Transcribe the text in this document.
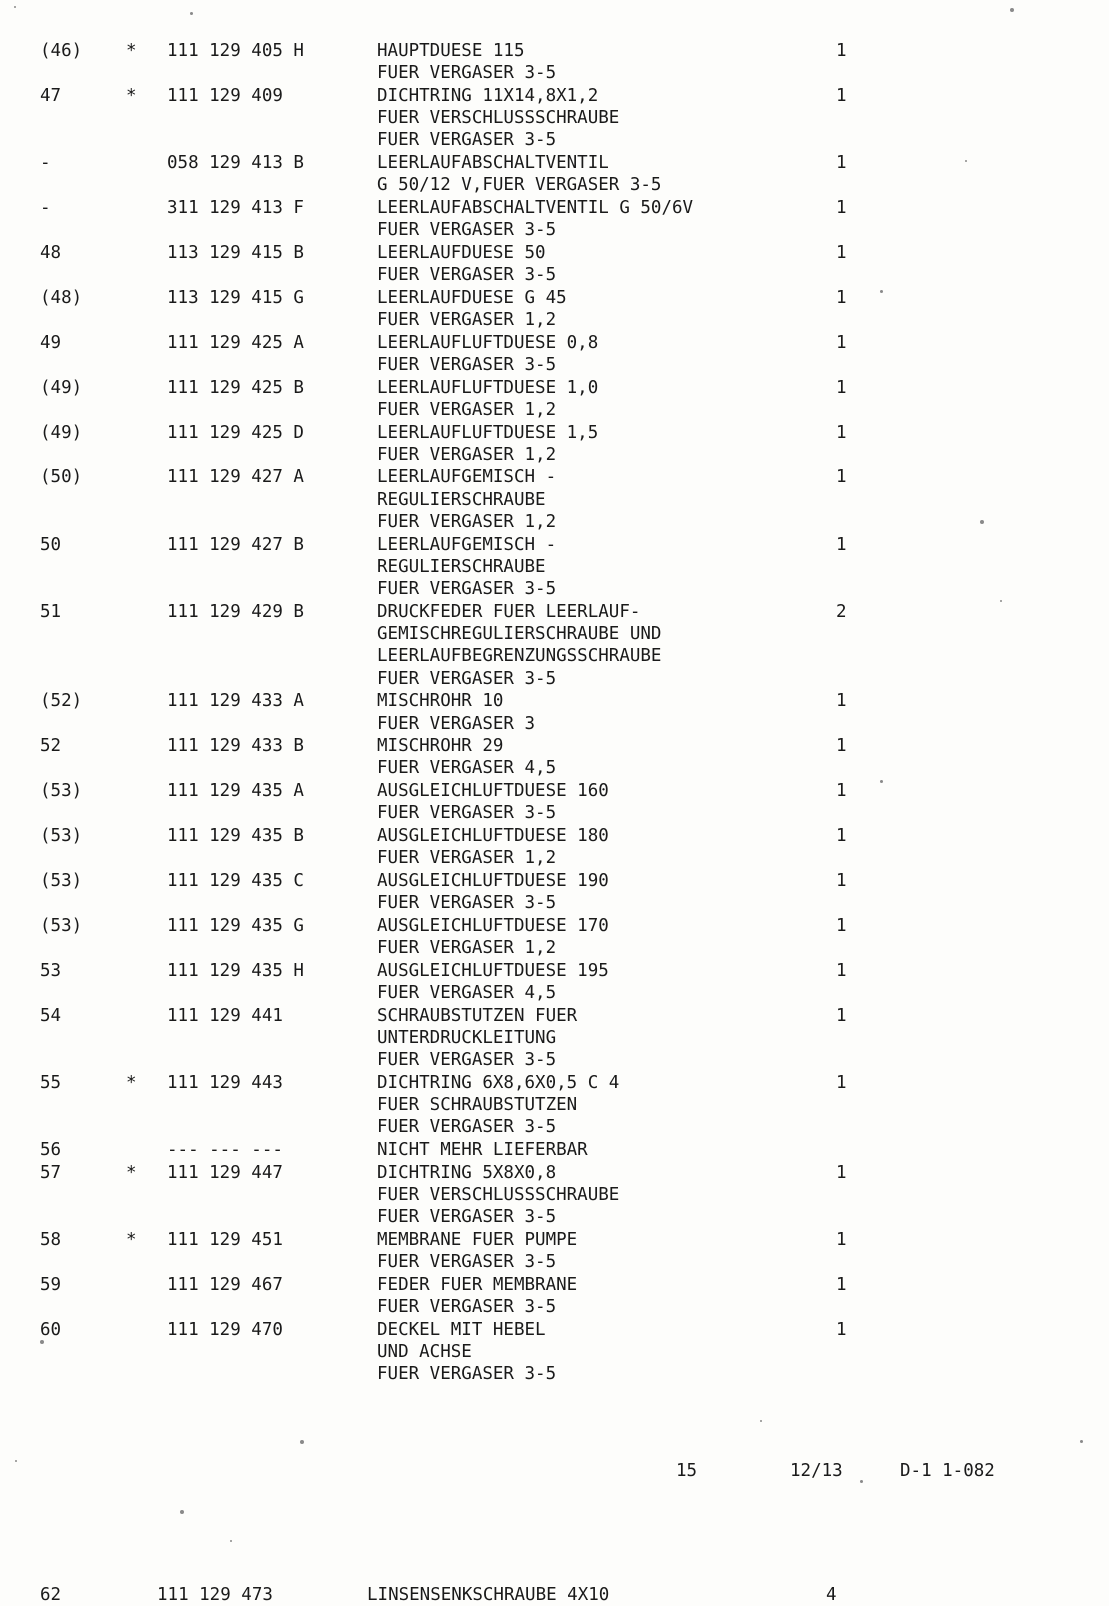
(46)	* 111 129 405 H	HAUPTDUESE 115	1
FUER VERGASER 3-5
47	* 111 129 409	DICHTRING 11X14,8X1,2	1
FUER VERSCHLUSSSCHRAUBE
FUER VERGASER 3-5
-	058 129 413 B	LEERLAUFABSCHALTVENTIL	1
G 50/12 V,FUER VERGASER 3-5
-	311 129 413 F	LEERLAUFABSCHALTVENTIL G 50/6V	1
FUER VERGASER 3-5
48	113 129 415 B	LEERLAUFDUESE 50	1
FUER VERGASER 3-5
(48)	113 129 415 G	LEERLAUFDUESE G 45	1
FUER VERGASER 1,2
49	111 129 425 A	LEERLAUFLUFTDUESE 0,8	1
FUER VERGASER 3-5
(49)	111 129 425 B	LEERLAUFLUFTDUESE 1,0	1
FUER VERGASER 1,2
(49)	111 129 425 D	LEERLAUFLUFTDUESE 1,5	1
FUER VERGASER 1,2
(50)	111 129 427 A	LEERLAUFGEMISCH -	1
REGULIERSCHRAUBE
FUER VERGASER 1,2
50	111 129 427 B	LEERLAUFGEMISCH -	1
REGULIERSCHRAUBE
FUER VERGASER 3-5
51	111 129 429 B	DRUCKFEDER FUER LEERLAUF-	2
GEMISCHREGULIERSCHRAUBE UND
LEERLAUFBEGRENZUNGSSCHRAUBE
FUER VERGASER 3-5
(52)	111 129 433 A	MISCHROHR 10	1
FUER VERGASER 3
52	111 129 433 B	MISCHROHR 29	1
FUER VERGASER 4,5
(53)	111 129 435 A	AUSGLEICHLUFTDUESE 160	1
FUER VERGASER 3-5
(53)	111 129 435 B	AUSGLEICHLUFTDUESE 180	1
FUER VERGASER 1,2
(53)	111 129 435 C	AUSGLEICHLUFTDUESE 190	1
FUER VERGASER 3-5
(53)	111 129 435 G	AUSGLEICHLUFTDUESE 170	1
FUER VERGASER 1,2
53	111 129 435 H	AUSGLEICHLUFTDUESE 195	1
FUER VERGASER 4,5
54	111 129 441	SCHRAUBSTUTZEN FUER	1
UNTERDRUCKLEITUNG
FUER VERGASER 3-5
55	* 111 129 443	DICHTRING 6X8,6X0,5 C 4	1
FUER SCHRAUBSTUTZEN
FUER VERGASER 3-5
56	--- --- ---	NICHT MEHR LIEFERBAR
57	* 111 129 447	DICHTRING 5X8X0,8	1
FUER VERSCHLUSSSCHRAUBE
FUER VERGASER 3-5
58	* 111 129 451	MEMBRANE FUER PUMPE	1
FUER VERGASER 3-5
59	111 129 467	FEDER FUER MEMBRANE	1
FUER VERGASER 3-5
60	111 129 470	DECKEL MIT HEBEL	1
UND ACHSE
FUER VERGASER 3-5
15	12/13	D-1 1-082
62	111 129 473	LINSENSENKSCHRAUBE 4X10	4
